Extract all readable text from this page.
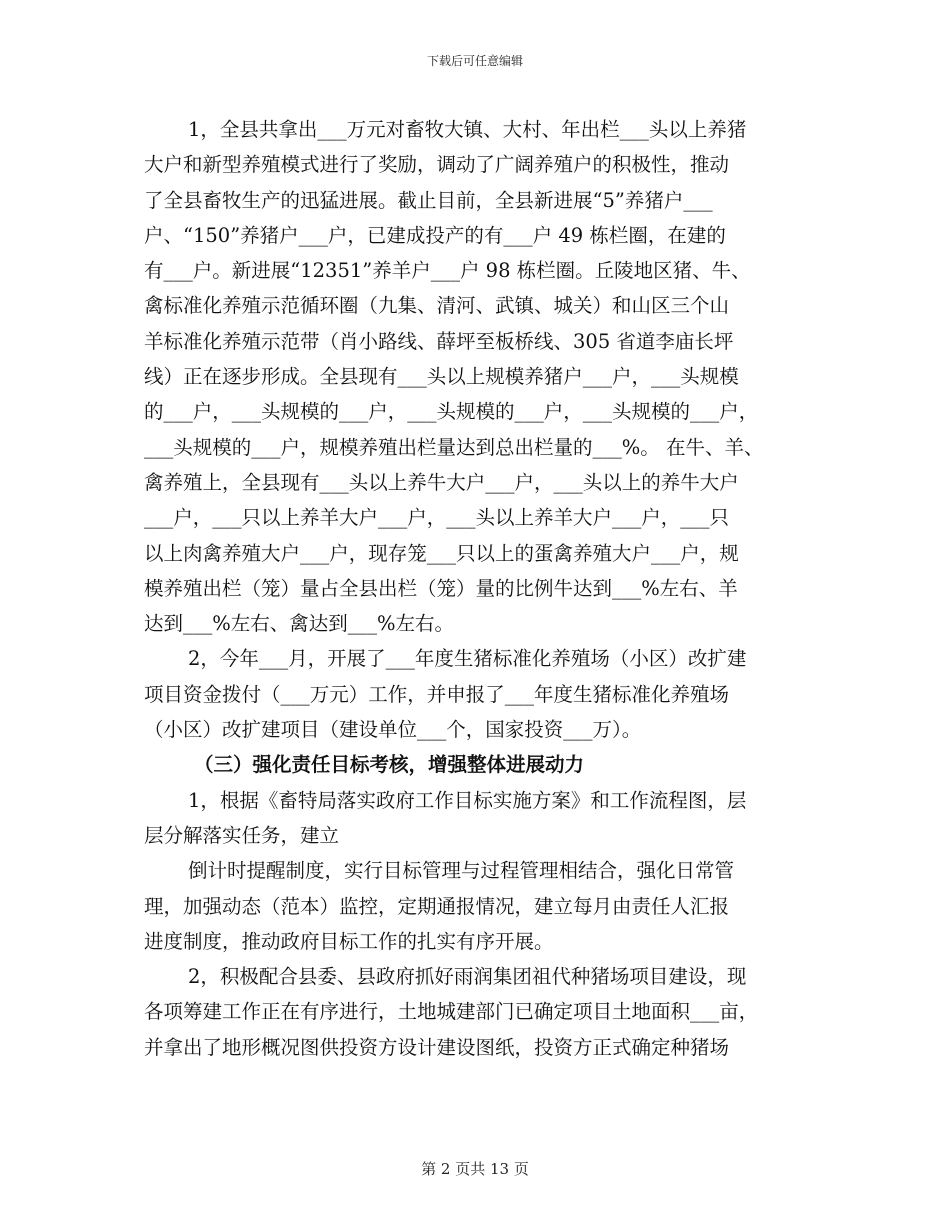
下载后可任意编辑
1，全县共拿出___万元对畜牧大镇、大村、年出栏___头以上养猪
大户和新型养殖模式进行了奖励，调动了广阔养殖户的积极性，推动
了全县畜牧生产的迅猛进展。截止目前，全县新进展“5”养猪户___
户、“150”养猪户___户，已建成投产的有___户 49 栋栏圈，在建的
有___户。新进展“12351”养羊户___户 98 栋栏圈。丘陵地区猪、牛、
禽标准化养殖示范循环圈（九集、清河、武镇、城关）和山区三个山
羊标准化养殖示范带（肖小路线、薛坪至板桥线、305 省道李庙长坪
线）正在逐步形成。全县现有___头以上规模养猪户___户，___头规模
的___户，___头规模的___户，___头规模的___户，___头规模的___户，
___头规模的___户，规模养殖出栏量达到总出栏量的___%。 在牛、羊、
禽养殖上，全县现有___头以上养牛大户___户，___头以上的养牛大户
___户，___只以上养羊大户___户，___头以上养羊大户___户，___只
以上肉禽养殖大户___户，现存笼___只以上的蛋禽养殖大户___户，规
模养殖出栏（笼）量占全县出栏（笼）量的比例牛达到___%左右、羊
达到___%左右、禽达到___%左右。
2，今年___月，开展了___年度生猪标准化养殖场（小区）改扩建
项目资金拨付（___万元）工作，并申报了___年度生猪标准化养殖场
（小区）改扩建项目（建设单位___个，国家投资___万）。
（三）强化责任目标考核，增强整体进展动力
1，根据《畜特局落实政府工作目标实施方案》和工作流程图，层
层分解落实任务，建立
倒计时提醒制度，实行目标管理与过程管理相结合，强化日常管
理，加强动态（范本）监控，定期通报情况，建立每月由责任人汇报
进度制度，推动政府目标工作的扎实有序开展。
2，积极配合县委、县政府抓好雨润集团祖代种猪场项目建设，现
各项筹建工作正在有序进行，土地城建部门已确定项目土地面积___亩，
并拿出了地形概况图供投资方设计建设图纸，投资方正式确定种猪场
第 2 页共 13 页
